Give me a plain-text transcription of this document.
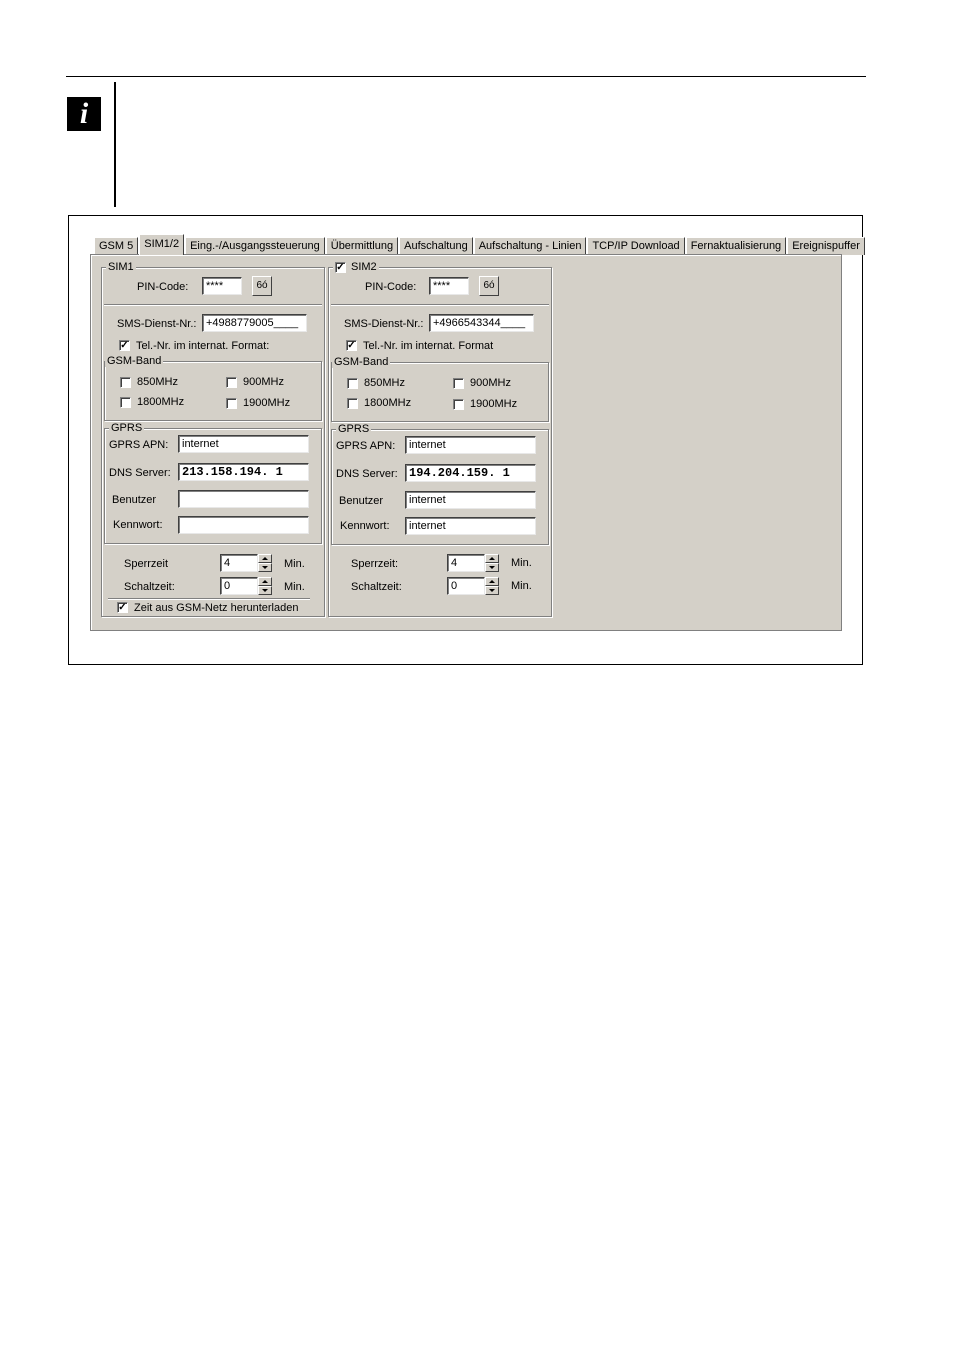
i
GSM 5	SIM1/2	Eing.-/Ausgangssteuerung	Übermittlung	Aufschaltung	Aufschaltung - Linien	TCP/IP Download	Fernaktualisierung	Ereignispuffer
SIM1
PIN-Code:	****	6ó
SMS-Dienst-Nr.: +4988779005____
✓ Tel.-Nr. im internat. Format:
GSM-Band
850MHz	900MHz
1800MHz	1900MHz
GPRS
GPRS APN:	internet
DNS Server: 213.158.194. 1
Benutzer
Kennwort:
Sperrzeit	4	Min.
Schaltzeit:	0	Min.
✓ Zeit aus GSM-Netz herunterladen
✓ SIM2
PIN-Code:	****	6ó
SMS-Dienst-Nr.: +4966543344____
✓ Tel.-Nr. im internat. Format
GSM-Band
850MHz	900MHz
1800MHz	1900MHz
GPRS
GPRS APN:	internet
DNS Server: 194.204.159. 1
Benutzer	internet
Kennwort:	internet
Sperrzeit:	4	Min.
Schaltzeit:	0	Min.
